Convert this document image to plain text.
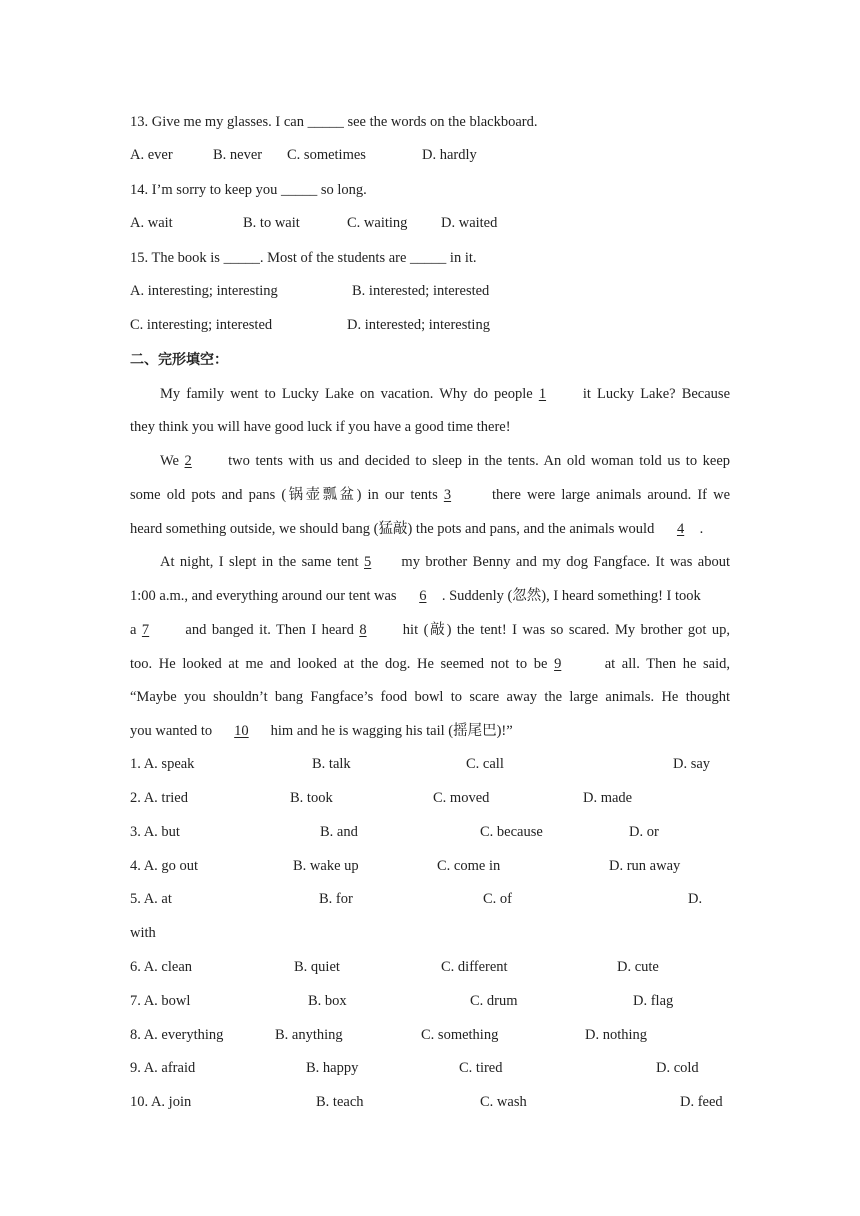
13. Give me my glasses. I can _____ see the words on the blackboard.
A. ever	B. never C. sometimes	D. hardly
14. I’m sorry to keep you _____ so long.
A. wait	B. to wait	C. waiting D. waited
15. The book is _____. Most of the students are _____ in it.
A. interesting; interesting	B. interested; interested
C. interesting; interested	D. interested; interesting
二、完形填空：
My family went to Lucky Lake on vacation. Why do people 1	it Lucky Lake? Because
they think you will have good luck if you have a good time there!
We 2	two tents with us and decided to sleep in the tents. An old woman told us to keep
some old pots and pans (锅壶瓢盆) in our tents 3	there were large animals around. If we
heard something outside, we should bang (猛敲) the pots and pans, and the animals would 4 .
At night, I slept in the same tent 5 my brother Benny and my dog Fangface. It was about
1:00 a.m., and everything around our tent was 6 . Suddenly (忽然), I heard something! I took
a 7 and banged it. Then I heard 8 hit (敲) the tent! I was so scared. My brother got up,
too. He looked at me and looked at the dog. He seemed not to be 9	at all. Then he said,
“Maybe you shouldn’t bang Fangface’s food bowl to scare away the large animals. He thought
you wanted to 10 him and he is wagging his tail (摇尾巴)!”
1. A. speak	B. talk	C. call	D. say
2. A. tried	B. took	C. moved	D. made
3. A. but	B. and	C. because	D. or
4. A. go out	B. wake up	C. come in	D. run away
5. A. at	B. for	C. of	D.
with
6. A. clean	B. quiet	C. different	D. cute
7. A. bowl	B. box	C. drum	D. flag
8. A. everything	B. anything	C. something	D. nothing
9. A. afraid	B. happy	C. tired	D. cold
10. A. join	B. teach	C. wash	D. feed
